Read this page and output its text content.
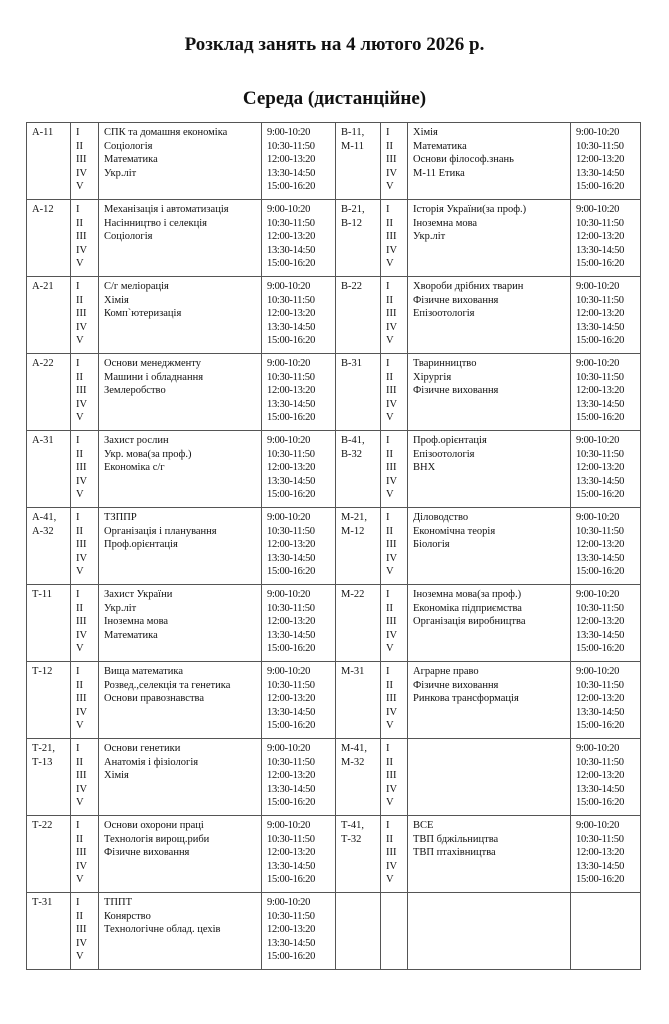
Розклад занять на 4 лютого 2026 р.
Середа (дистанційне)
А-11	I
II
III
IV
V	СПК та домашня економіка
Соціологія
Математика
Укр.літ	9:00-10:20
10:30-11:50
12:00-13:20
13:30-14:50
15:00-16:20	В-11,
М-11	I
II
III
IV
V	Хімія
Математика
Основи філософ.знань
М-11 Етика	9:00-10:20
10:30-11:50
12:00-13:20
13:30-14:50
15:00-16:20

А-12	I
II
III
IV
V	Механізація і автоматизація
Насінництво і селекція
Соціологія	9:00-10:20
10:30-11:50
12:00-13:20
13:30-14:50
15:00-16:20	В-21,
В-12	I
II
III
IV
V	Історія України(за проф.)
Іноземна мова
Укр.літ	9:00-10:20
10:30-11:50
12:00-13:20
13:30-14:50
15:00-16:20

А-21	I
II
III
IV
V	С/г меліорація
Хімія
Комп`ютеризація	9:00-10:20
10:30-11:50
12:00-13:20
13:30-14:50
15:00-16:20	В-22	I
II
III
IV
V	Хвороби дрібних тварин
Фізичне виховання
Епізоотологія	9:00-10:20
10:30-11:50
12:00-13:20
13:30-14:50
15:00-16:20

А-22	I
II
III
IV
V	Основи менеджменту
Машини і обладнання
Землеробство	9:00-10:20
10:30-11:50
12:00-13:20
13:30-14:50
15:00-16:20	В-31	I
II
III
IV
V	Тваринництво
Хірургія
Фізичне виховання	9:00-10:20
10:30-11:50
12:00-13:20
13:30-14:50
15:00-16:20

А-31	I
II
III
IV
V	Захист рослин
Укр. мова(за проф.)
Економіка с/г	9:00-10:20
10:30-11:50
12:00-13:20
13:30-14:50
15:00-16:20	В-41,
В-32	I
II
III
IV
V	Проф.орієнтація
Епізоотологія
ВНХ	9:00-10:20
10:30-11:50
12:00-13:20
13:30-14:50
15:00-16:20

А-41,
А-32	I
II
III
IV
V	ТЗППР
Організація і планування
Проф.орієнтація	9:00-10:20
10:30-11:50
12:00-13:20
13:30-14:50
15:00-16:20	М-21,
М-12	I
II
III
IV
V	Діловодство
Економічна теорія
Біологія	9:00-10:20
10:30-11:50
12:00-13:20
13:30-14:50
15:00-16:20

Т-11	I
II
III
IV
V	Захист України
Укр.літ
Іноземна мова
Математика	9:00-10:20
10:30-11:50
12:00-13:20
13:30-14:50
15:00-16:20	М-22	I
II
III
IV
V	Іноземна мова(за проф.)
Економіка підприємства
Організація виробництва	9:00-10:20
10:30-11:50
12:00-13:20
13:30-14:50
15:00-16:20

Т-12	I
II
III
IV
V	Вища математика
Розвед.,селекція та генетика
Основи правознавства	9:00-10:20
10:30-11:50
12:00-13:20
13:30-14:50
15:00-16:20	М-31	I
II
III
IV
V	Аграрне право
Фізичне виховання
Ринкова трансформація	9:00-10:20
10:30-11:50
12:00-13:20
13:30-14:50
15:00-16:20

Т-21,
Т-13	I
II
III
IV
V	Основи генетики
Анатомія і фізіологія
Хімія	9:00-10:20
10:30-11:50
12:00-13:20
13:30-14:50
15:00-16:20	М-41,
М-32	I
II
III
IV
V		9:00-10:20
10:30-11:50
12:00-13:20
13:30-14:50
15:00-16:20

Т-22	I
II
III
IV
V	Основи охорони праці
Технологія вирощ.риби
Фізичне виховання	9:00-10:20
10:30-11:50
12:00-13:20
13:30-14:50
15:00-16:20	Т-41,
Т-32	I
II
III
IV
V	ВСЕ
ТВП бджільництва
ТВП птахівництва	9:00-10:20
10:30-11:50
12:00-13:20
13:30-14:50
15:00-16:20

Т-31	I
II
III
IV
V	ТППТ
Конярство
Технологічне облад. цехів	9:00-10:20
10:30-11:50
12:00-13:20
13:30-14:50
15:00-16:20				
